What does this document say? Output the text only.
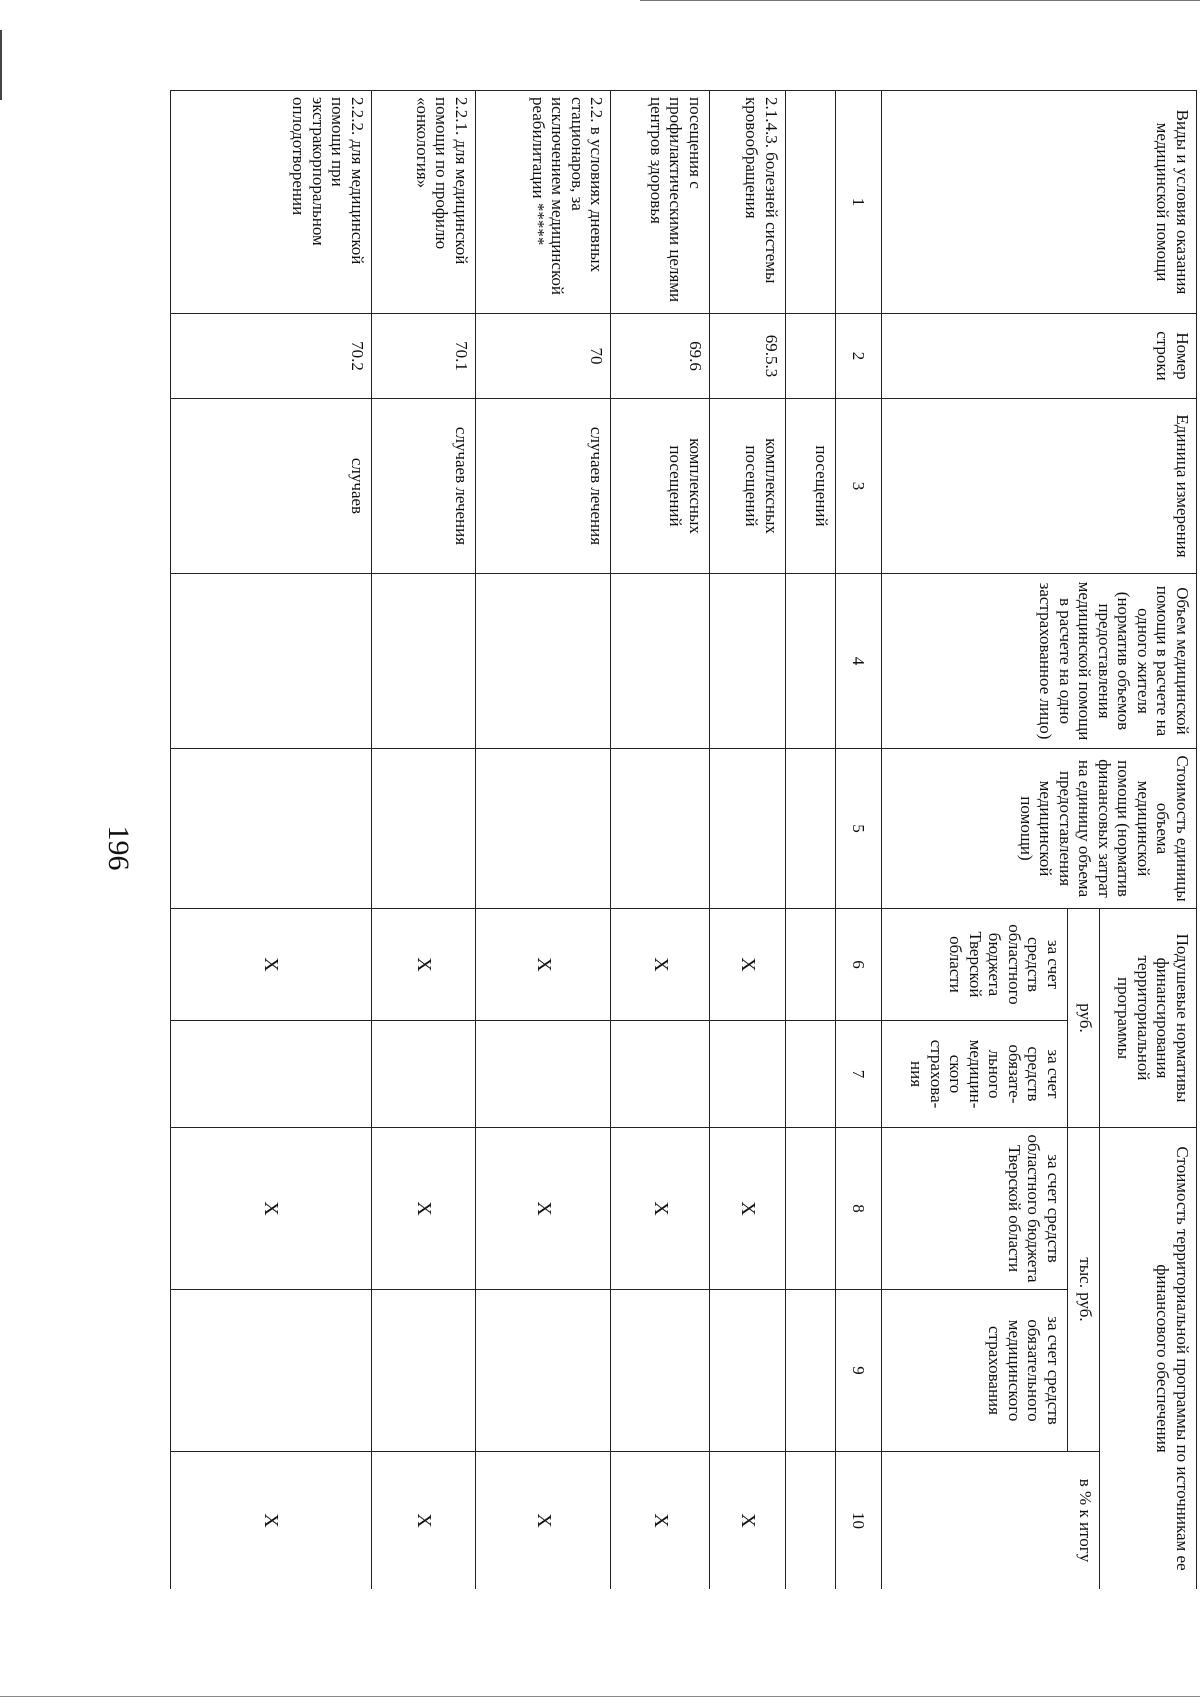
196
Виды и условия оказания медицинской помощи	Номер строки	Единица измерения	Объем медицинской помощи в расчете на одного жителя (норматив объемов предоставления медицинской помощи в расчете на одно застрахованное лицо)	Стоимость единицы объема медицинской помощи (норматив финансовых затрат на единицу объема предоставления медицинской помощи)	Подушевые нормативы финансирования территориальной программы		Стоимость территориальной программы по источникам ее финансового обеспечения		
					руб.		тыс. руб.		в % к итогу
					за счет средств областного бюджета Тверской области	за счет средств обязате-льного медицин-ского страхова-ния	за счет средств областного бюджета Тверской области	за счет средств обязательного медицинского страхования	
1	2	3	4	5	6	7	8	9	10
		посещений							
2.1.4.3. болезней системы кровообращения	69.5.3	комплексных посещений			Х		Х		Х
посещения с профилактическими целями центров здоровья	69.6	комплексных посещений			Х		Х		Х
2.2. в условиях дневных стационаров, за исключением медицинской реабилитации *****	70	случаев лечения			Х		Х		Х
2.2.1. для медицинской помощи по профилю «онкология»	70.1	случаев лечения			Х		Х		Х
2.2.2. для медицинской помощи при экстракорпоральном оплодотворении	70.2	случаев			Х		Х		Х
